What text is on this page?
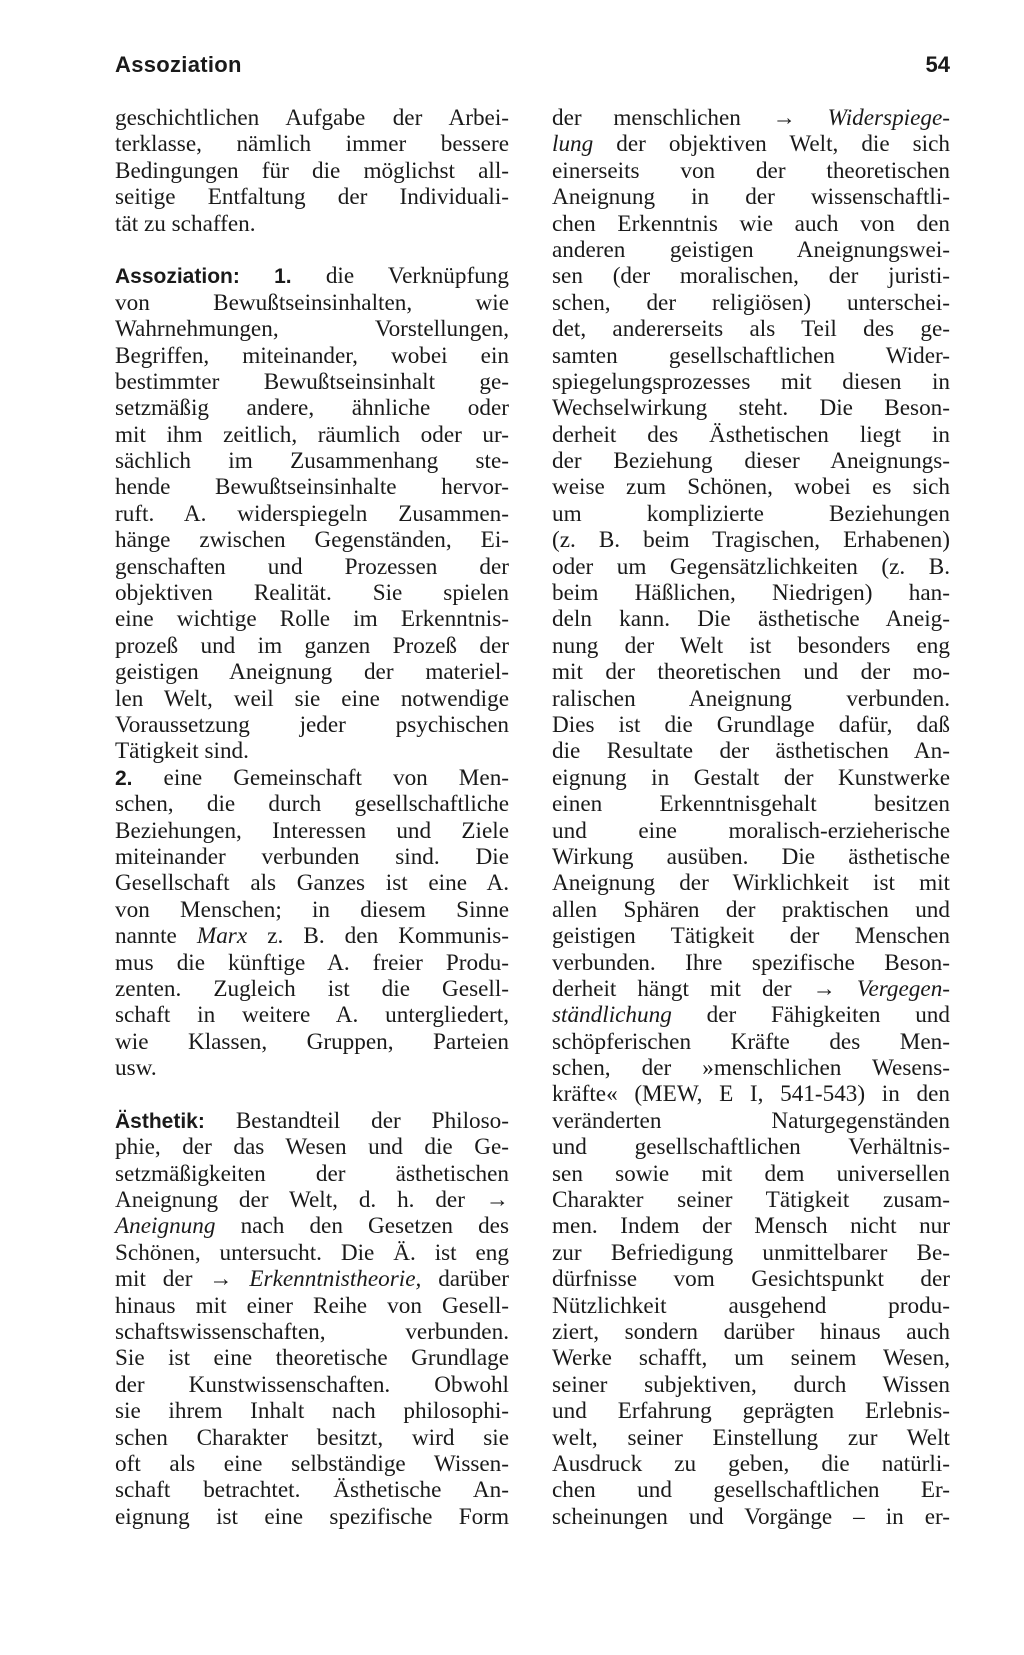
Assoziation	54
geschichtlichen Aufgabe der Arbei-
terklasse, nämlich immer bessere
Bedingungen für die möglichst all-
seitige Entfaltung der Individuali-
tät zu schaffen.
Assoziation: 1. die Verknüpfung
von Bewußtseinsinhalten, wie
Wahrnehmungen, Vorstellungen,
Begriffen, miteinander, wobei ein
bestimmter Bewußtseinsinhalt ge-
setzmäßig andere, ähnliche oder
mit ihm zeitlich, räumlich oder ur-
sächlich im Zusammenhang ste-
hende Bewußtseinsinhalte hervor-
ruft. A. widerspiegeln Zusammen-
hänge zwischen Gegenständen, Ei-
genschaften und Prozessen der
objektiven Realität. Sie spielen
eine wichtige Rolle im Erkenntnis-
prozeß und im ganzen Prozeß der
geistigen Aneignung der materiel-
len Welt, weil sie eine notwendige
Voraussetzung jeder psychischen
Tätigkeit sind.
2. eine Gemeinschaft von Men-
schen, die durch gesellschaftliche
Beziehungen, Interessen und Ziele
miteinander verbunden sind. Die
Gesellschaft als Ganzes ist eine A.
von Menschen; in diesem Sinne
nannte Marx z. B. den Kommunis-
mus die künftige A. freier Produ-
zenten. Zugleich ist die Gesell-
schaft in weitere A. untergliedert,
wie Klassen, Gruppen, Parteien
usw.
Ästhetik: Bestandteil der Philoso-
phie, der das Wesen und die Ge-
setzmäßigkeiten der ästhetischen
Aneignung der Welt, d. h. der →
Aneignung nach den Gesetzen des
Schönen, untersucht. Die Ä. ist eng
mit der → Erkenntnistheorie, darüber
hinaus mit einer Reihe von Gesell-
schaftswissenschaften, verbunden.
Sie ist eine theoretische Grundlage
der Kunstwissenschaften. Obwohl
sie ihrem Inhalt nach philosophi-
schen Charakter besitzt, wird sie
oft als eine selbständige Wissen-
schaft betrachtet. Ästhetische An-
eignung ist eine spezifische Form
der menschlichen → Widerspiege-
lung der objektiven Welt, die sich
einerseits von der theoretischen
Aneignung in der wissenschaftli-
chen Erkenntnis wie auch von den
anderen geistigen Aneignungswei-
sen (der moralischen, der juristi-
schen, der religiösen) unterschei-
det, andererseits als Teil des ge-
samten gesellschaftlichen Wider-
spiegelungsprozesses mit diesen in
Wechselwirkung steht. Die Beson-
derheit des Ästhetischen liegt in
der Beziehung dieser Aneignungs-
weise zum Schönen, wobei es sich
um komplizierte Beziehungen
(z. B. beim Tragischen, Erhabenen)
oder um Gegensätzlichkeiten (z. B.
beim Häßlichen, Niedrigen) han-
deln kann. Die ästhetische Aneig-
nung der Welt ist besonders eng
mit der theoretischen und der mo-
ralischen Aneignung verbunden.
Dies ist die Grundlage dafür, daß
die Resultate der ästhetischen An-
eignung in Gestalt der Kunstwerke
einen Erkenntnisgehalt besitzen
und eine moralisch-erzieherische
Wirkung ausüben. Die ästhetische
Aneignung der Wirklichkeit ist mit
allen Sphären der praktischen und
geistigen Tätigkeit der Menschen
verbunden. Ihre spezifische Beson-
derheit hängt mit der → Vergegen-
ständlichung der Fähigkeiten und
schöpferischen Kräfte des Men-
schen, der »menschlichen Wesens-
kräfte« (MEW, E I, 541-543) in den
veränderten Naturgegenständen
und gesellschaftlichen Verhältnis-
sen sowie mit dem universellen
Charakter seiner Tätigkeit zusam-
men. Indem der Mensch nicht nur
zur Befriedigung unmittelbarer Be-
dürfnisse vom Gesichtspunkt der
Nützlichkeit ausgehend produ-
ziert, sondern darüber hinaus auch
Werke schafft, um seinem Wesen,
seiner subjektiven, durch Wissen
und Erfahrung geprägten Erlebnis-
welt, seiner Einstellung zur Welt
Ausdruck zu geben, die natürli-
chen und gesellschaftlichen Er-
scheinungen und Vorgänge – in er-
